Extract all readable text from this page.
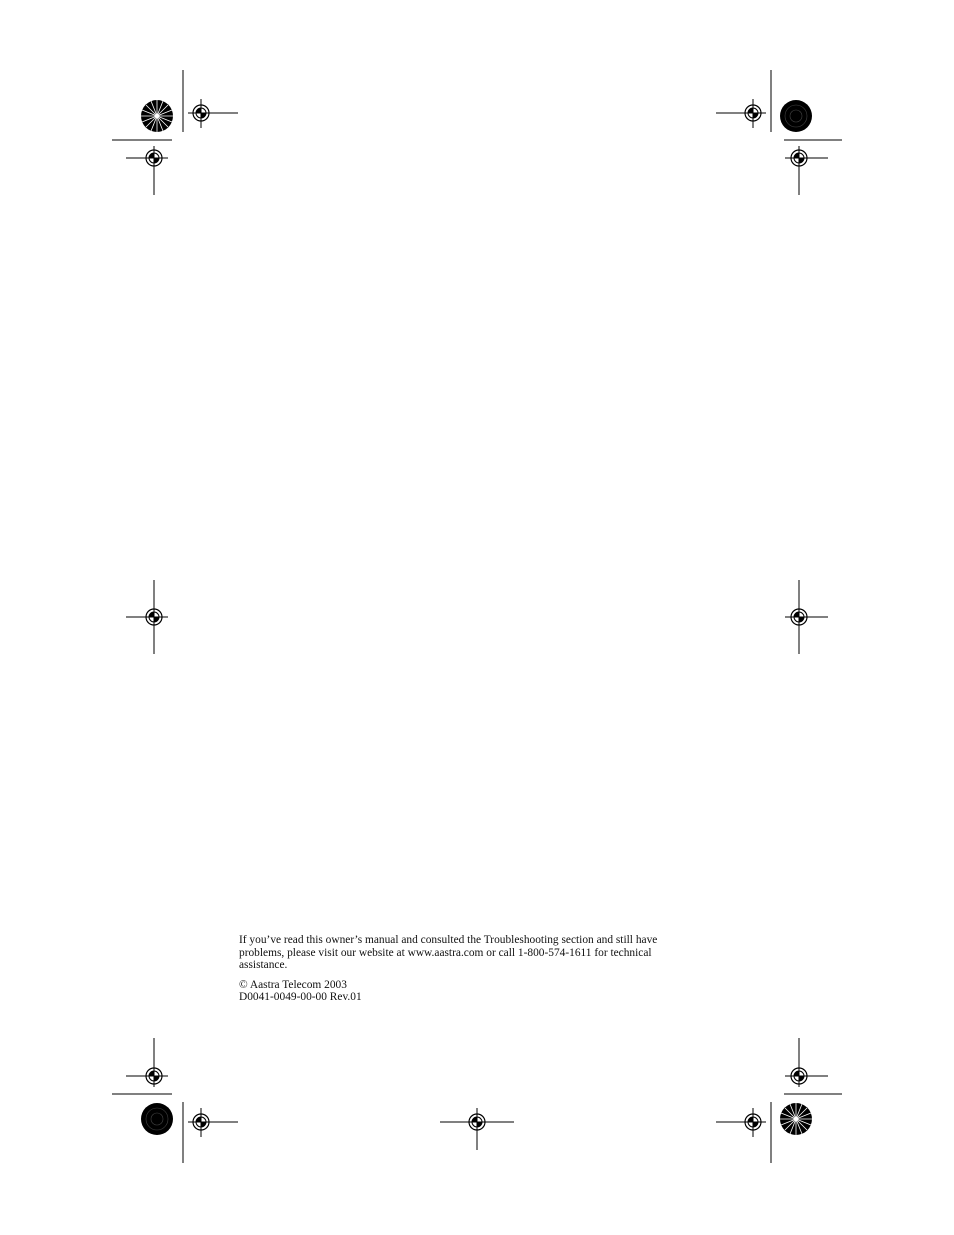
If you’ve read this owner’s manual and consulted the Troubleshooting section and still have

problems, please visit our website at www.aastra.com or call 1-800-574-1611 for technical

assistance.

© Aastra Telecom 2003

D0041-0049-00-00 Rev.01
